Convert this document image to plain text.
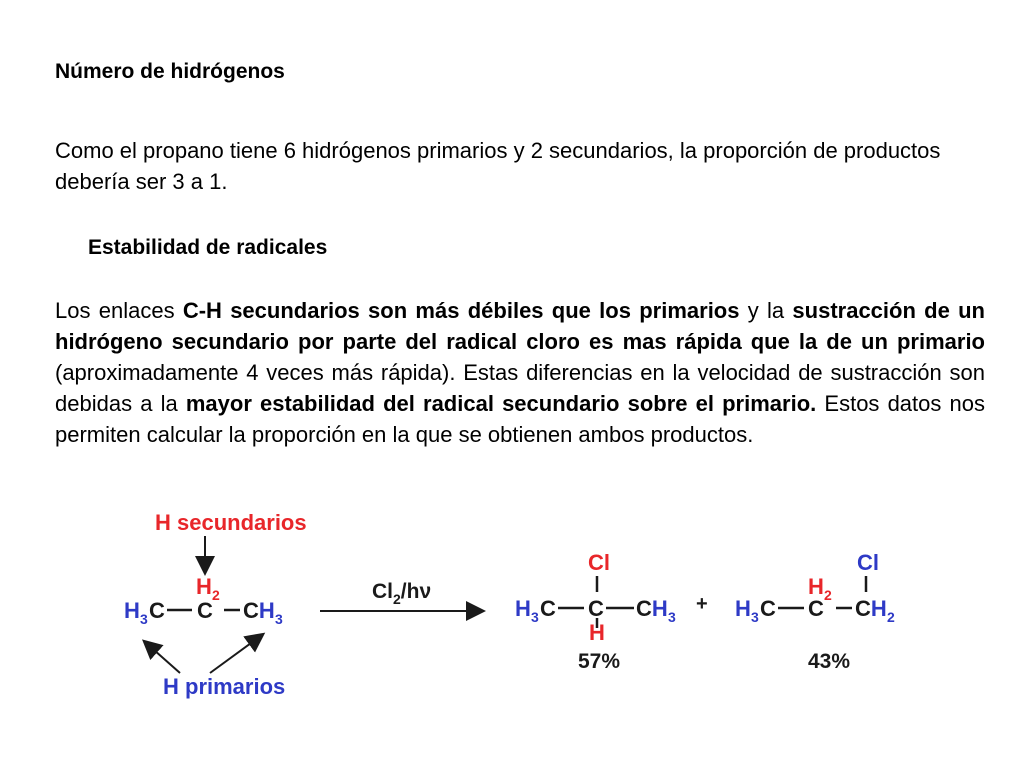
Número de hidrógenos
Como el propano tiene 6 hidrógenos primarios y 2 secundarios, la proporción de productos debería ser 3 a 1.
Estabilidad de radicales
Los enlaces C-H secundarios son más débiles que los primarios y la sustracción de un hidrógeno secundario por parte del radical cloro es mas rápida que la de un primario (aproximadamente 4 veces más rápida). Estas diferencias en la velocidad de sustracción son debidas a la mayor estabilidad del radical secundario sobre el primario. Estos datos nos permiten calcular la proporción en la que se obtienen ambos productos.
H secundarios
H 2
H 3 C C CH 3
H primarios
$Cl_2/h\nu$
Cl
H 3 C C CH 3
H
57%
+
Cl
H 2
H 3 C C CH 2
43%
